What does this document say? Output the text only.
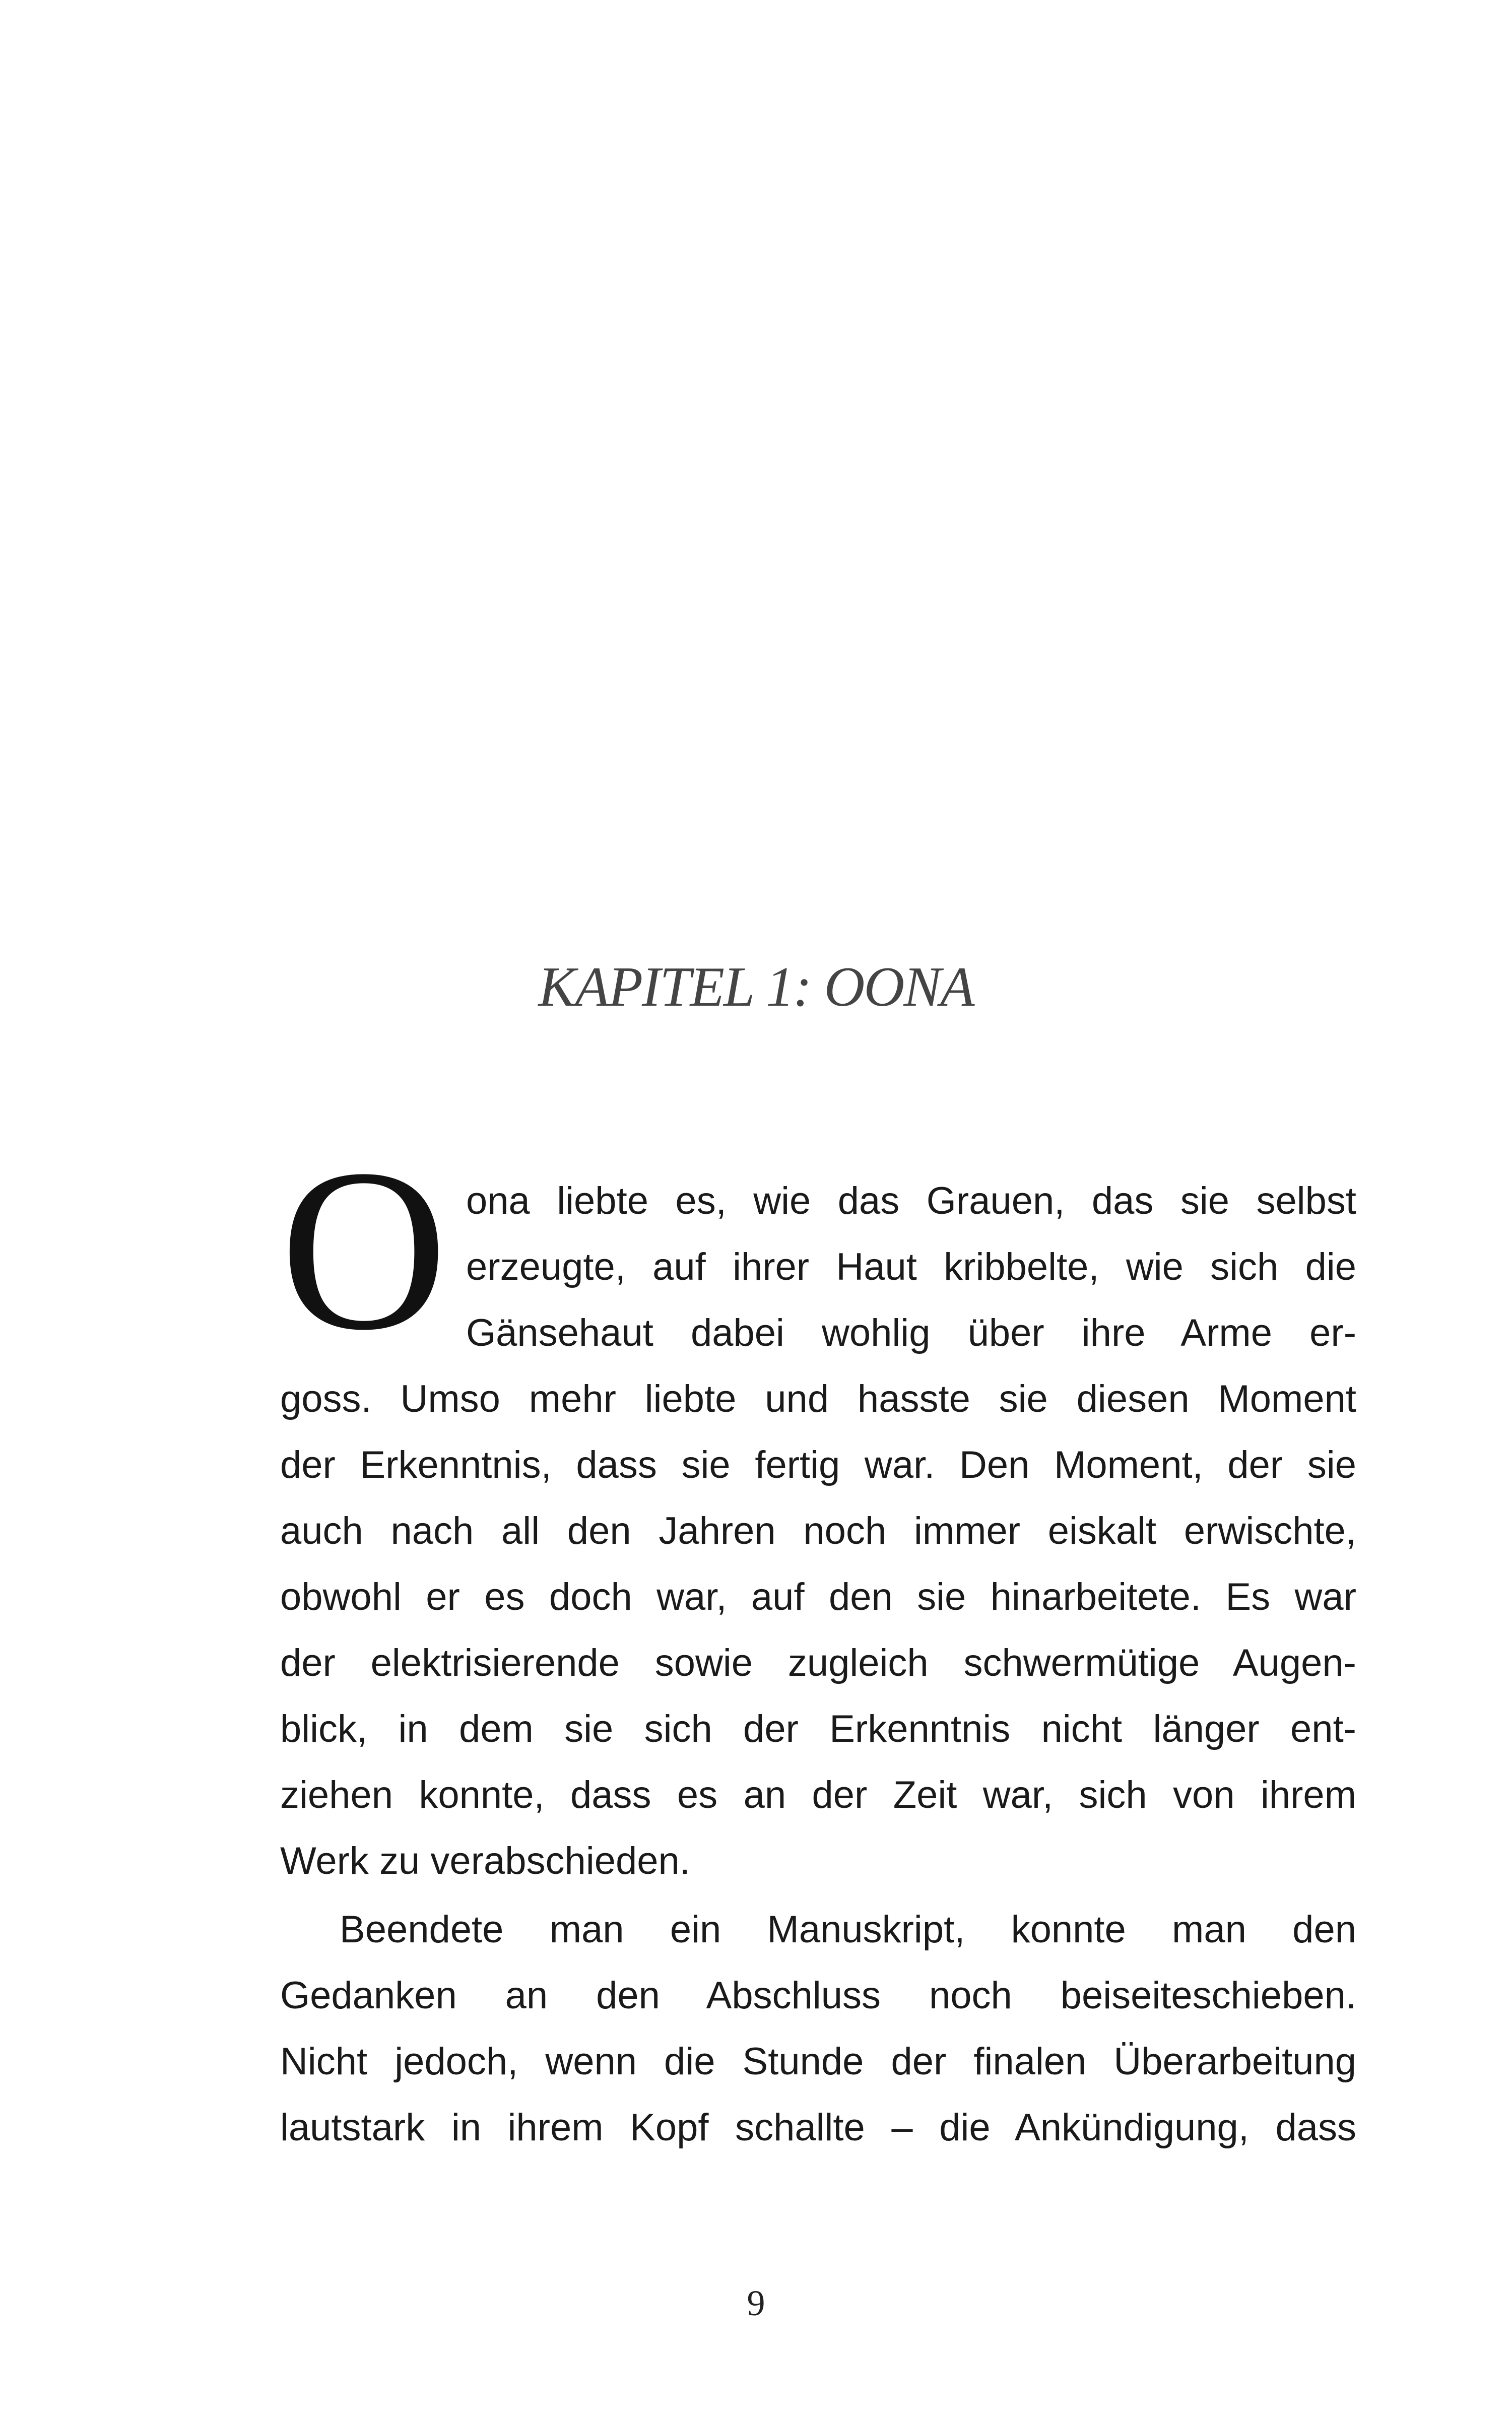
KAPITEL 1: OONA
O ona liebte es, wie das Grauen, das sie selbst
erzeugte, auf ihrer Haut kribbelte, wie sich die
Gänsehaut dabei wohlig über ihre Arme er-
goss. Umso mehr liebte und hasste sie diesen Moment
der Erkenntnis, dass sie fertig war. Den Moment, der sie
auch nach all den Jahren noch immer eiskalt erwischte,
obwohl er es doch war, auf den sie hinarbeitete. Es war
der elektrisierende sowie zugleich schwermütige Augen-
blick, in dem sie sich der Erkenntnis nicht länger ent-
ziehen konnte, dass es an der Zeit war, sich von ihrem
Werk zu verabschieden.
Beendete man ein Manuskript, konnte man den
Gedanken an den Abschluss noch beiseiteschieben.
Nicht jedoch, wenn die Stunde der finalen Überarbeitung
lautstark in ihrem Kopf schallte – die Ankündigung, dass
9
